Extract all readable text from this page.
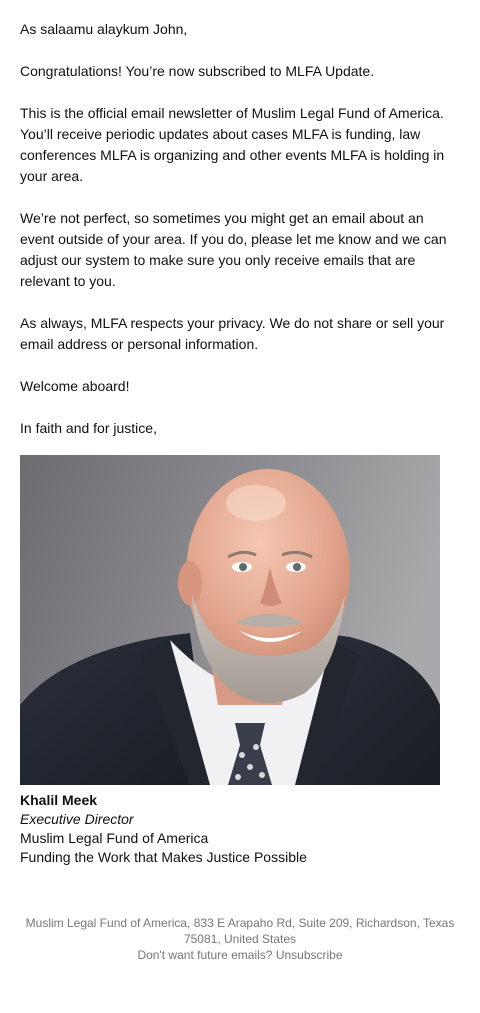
As salaamu alaykum John,

Congratulations! You’re now subscribed to MLFA Update.

This is the official email newsletter of Muslim Legal Fund of America. You’ll receive periodic updates about cases MLFA is funding, law conferences MLFA is organizing and other events MLFA is holding in your area.

We’re not perfect, so sometimes you might get an email about an event outside of your area. If you do, please let me know and we can adjust our system to make sure you only receive emails that are relevant to you.

As always, MLFA respects your privacy. We do not share or sell your email address or personal information.

Welcome aboard!

In faith and for justice,

Khalil Meek
Executive Director
Muslim Legal Fund of America
Funding the Work that Makes Justice Possible
Muslim Legal Fund of America, 833 E Arapaho Rd, Suite 209, Richardson, Texas 75081, United States
Don't want future emails? Unsubscribe
